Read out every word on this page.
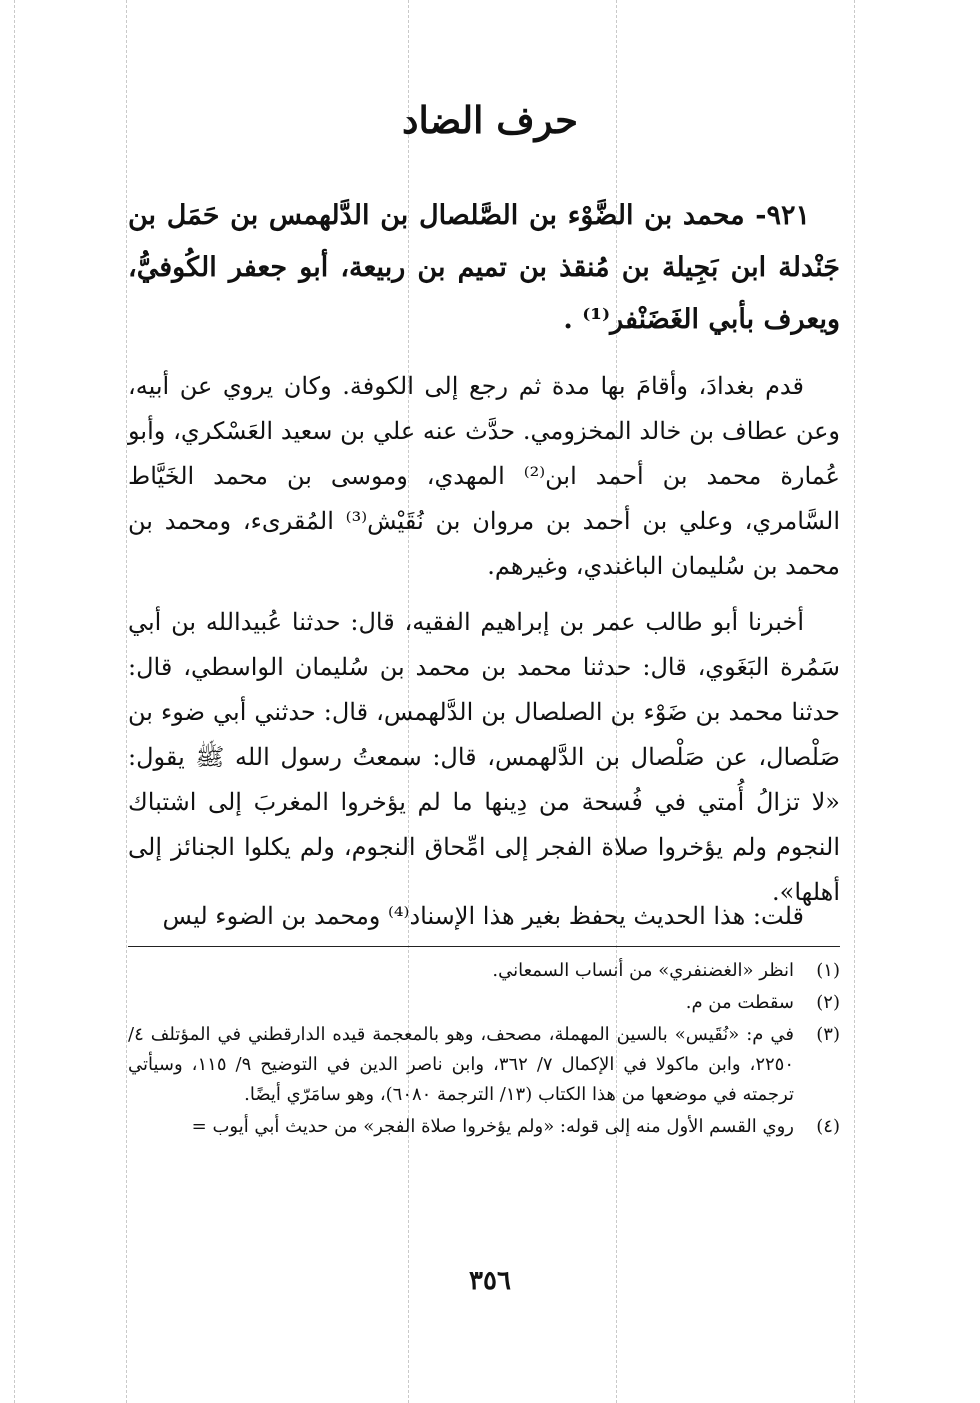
حرف الضاد
٩٢١- محمد بن الضَّوْء بن الصَّلصال بن الدَّلهمس بن حَمَل بن جَنْدلة ابن بَجِيلة بن مُنقذ بن تميم بن ربيعة، أبو جعفر الكُوفيُّ، ويعرف بأبي الغَضَنْفر⁽¹⁾ .
قدم بغدادَ، وأقامَ بها مدة ثم رجع إلى الكوفة. وكان يروي عن أبيه، وعن عطاف بن خالد المخزومي. حدَّث عنه علي بن سعيد العَسْكري، وأبو عُمارة محمد بن أحمد ابن⁽²⁾ المهدي، وموسى بن محمد الخَيَّاط السَّامري، وعلي بن أحمد بن مروان بن نُقَيْش⁽³⁾ المُقرىء، ومحمد بن محمد بن سُليمان الباغندي، وغيرهم.
أخبرنا أبو طالب عمر بن إبراهيم الفقيه، قال: حدثنا عُبيدالله بن أبي سَمُرة البَغَوي، قال: حدثنا محمد بن محمد بن سُليمان الواسطي، قال: حدثنا محمد بن ضَوْء بن الصلصال بن الدَّلهمس، قال: حدثني أبي ضوء بن صَلْصال، عن صَلْصال بن الدَّلهمس، قال: سمعتُ رسول الله ﷺ يقول: «لا تزالُ أُمتي في فُسحة من دِينها ما لم يؤخروا المغربَ إلى اشتباك النجوم ولم يؤخروا صلاة الفجر إلى امِّحاق النجوم، ولم يكلوا الجنائز إلى أهلها».
قلت: هذا الحديث يحفظ بغير هذا الإسناد⁽⁴⁾ ومحمد بن الضوء ليس
(١)
انظر «الغضنفري» من أنساب السمعاني.
(٢)
سقطت من م.
(٣)
في م: «نُقَيس» بالسين المهملة، مصحف، وهو بالمعجمة قيده الدارقطني في المؤتلف ٤/ ٢٢٥٠، وابن ماكولا في الإكمال ٧/ ٣٦٢، وابن ناصر الدين في التوضيح ٩/ ١١٥، وسيأتي ترجمته في موضعها من هذا الكتاب (١٣/ الترجمة ٦٠٨٠)، وهو سامَرّي أيضًا.
(٤)
روي القسم الأول منه إلى قوله: «ولم يؤخروا صلاة الفجر» من حديث أبي أيوب =
٣٥٦
